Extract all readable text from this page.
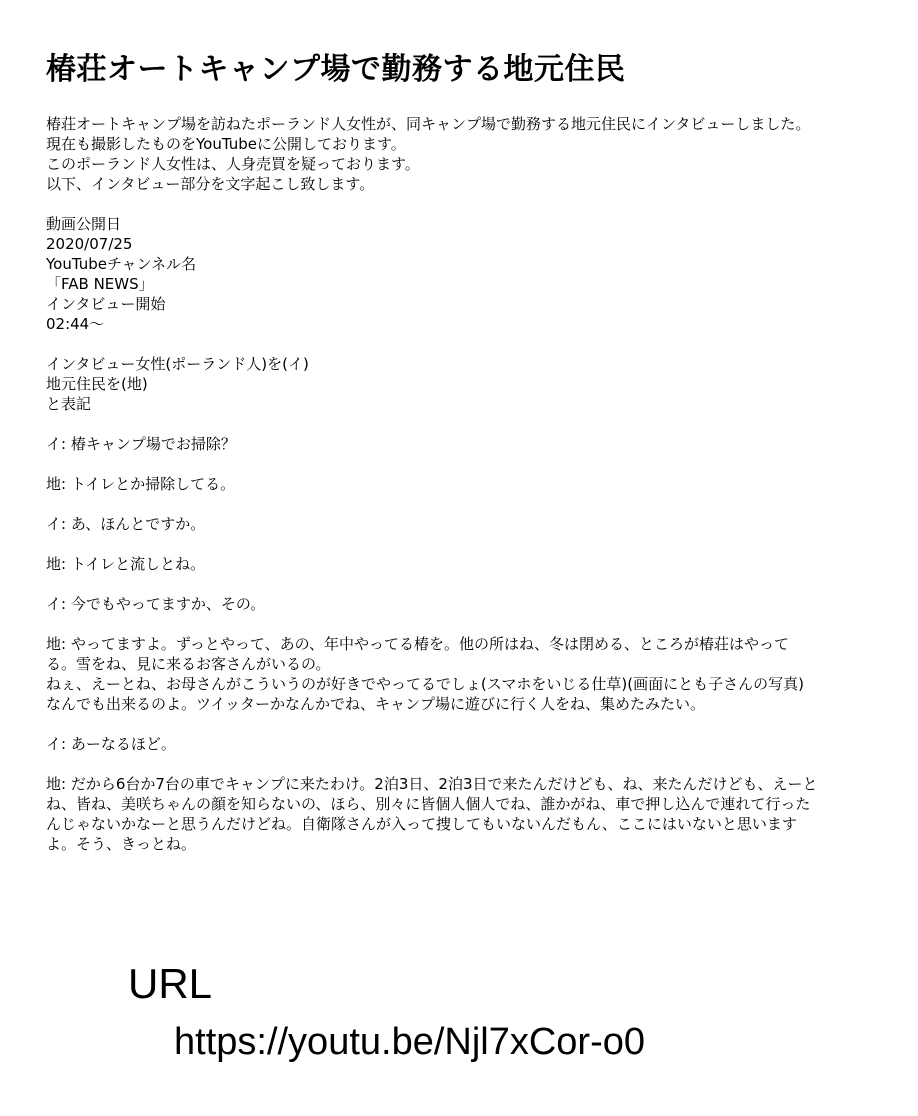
椿荘オートキャンプ場で勤務する地元住民

椿荘オートキャンプ場を訪ねたポーランド人女性が、同キャンプ場で勤務する地元住民にインタビューしました。

現在も撮影したものをYouTubeに公開しております。

このポーランド人女性は、人身売買を疑っております。

以下、インタビュー部分を文字起こし致します。

動画公開日

2020/07/25

YouTubeチャンネル名

「FAB NEWS」

インタビュー開始

02:44〜

インタビュー女性(ポーランド人)を(イ)

地元住民を(地)

と表記

イ: 椿キャンプ場でお掃除？

地: トイレとか掃除してる。

イ: あ、ほんとですか。

地: トイレと流しとね。

イ: 今でもやってますか、その。

地: やってますよ。ずっとやって、あの、年中やってる椿を。他の所はね、冬は閉める、ところが椿荘はやって

る。雪をね、見に来るお客さんがいるの。

ねぇ、えーとね、お母さんがこういうのが好きでやってるでしょ(スマホをいじる仕草)(画面にとも子さんの写真)

なんでも出来るのよ。ツイッターかなんかでね、キャンプ場に遊びに行く人をね、集めたみたい。

イ: あーなるほど。

地: だから6台か7台の車でキャンプに来たわけ。2泊3日、2泊3日で来たんだけども、ね、来たんだけども、えーと

ね、皆ね、美咲ちゃんの顔を知らないの、ほら、別々に皆個人個人でね、誰かがね、車で押し込んで連れて行った

んじゃないかなーと思うんだけどね。自衛隊さんが入って捜してもいないんだもん、ここにはいないと思います

よ。そう、きっとね。

URL
https://youtu.be/Njl7xCor-o0
